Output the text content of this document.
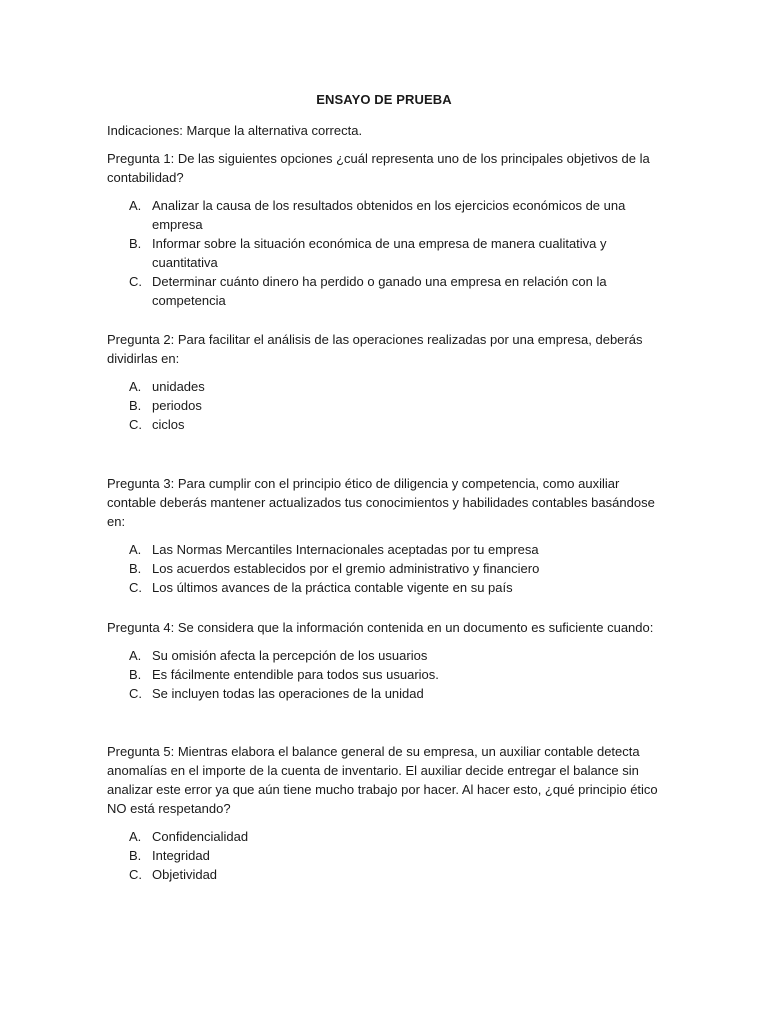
ENSAYO DE PRUEBA
Indicaciones: Marque la alternativa correcta.

Pregunta 1: De las siguientes opciones ¿cuál representa uno de los principales objetivos de la contabilidad?

A. Analizar la causa de los resultados obtenidos en los ejercicios económicos de una empresa
B. Informar sobre la situación económica de una empresa de manera cualitativa y cuantitativa
C. Determinar cuánto dinero ha perdido o ganado una empresa en relación con la competencia

Pregunta 2: Para facilitar el análisis de las operaciones realizadas por una empresa, deberás dividirlas en:

A. unidades
B. periodos
C. ciclos

Pregunta 3: Para cumplir con el principio ético de diligencia y competencia, como auxiliar contable deberás mantener actualizados tus conocimientos y habilidades contables basándose en:

A. Las Normas Mercantiles Internacionales aceptadas por tu empresa
B. Los acuerdos establecidos por el gremio administrativo y financiero
C. Los últimos avances de la práctica contable vigente en su país

Pregunta 4: Se considera que la información contenida en un documento es suficiente cuando:

A. Su omisión afecta la percepción de los usuarios
B. Es fácilmente entendible para todos sus usuarios.
C. Se incluyen todas las operaciones de la unidad

Pregunta 5: Mientras elabora el balance general de su empresa, un auxiliar contable detecta anomalías en el importe de la cuenta de inventario. El auxiliar decide entregar el balance sin analizar este error ya que aún tiene mucho trabajo por hacer. Al hacer esto, ¿qué principio ético NO está respetando?

A. Confidencialidad
B. Integridad
C. Objetividad
